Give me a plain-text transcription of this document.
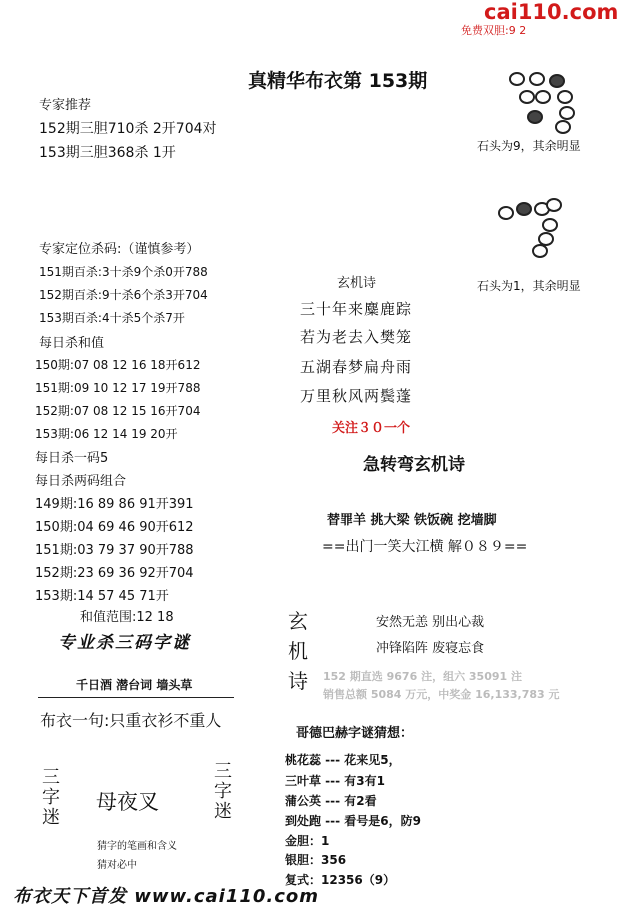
cai110.com
免费双胆:9 2
真精华布衣第 153期
专家推荐
152期三胆710杀 2开704对
153期三胆368杀 1开	石头为9，其余明显
石头为1，其余明显
专家定位杀码:（谨慎参考）
151期百杀:3十杀9个杀0开788
152期百杀:9十杀6个杀3开704
153期百杀:4十杀5个杀7开
每日杀和值
150期:07 08 12 16 18开612
151期:09 10 12 17 19开788
152期:07 08 12 15 16开704
153期:06 12 14 19 20开
每日杀一码5
每日杀两码组合
149期:16 89 86 91开391
150期:04 69 46 90开612
151期:03 79 37 90开788
152期:23 69 36 92开704
153期:14 57 45 71开
和值范围:12 18
专业杀三码字谜
千日酒 潜台词 墙头草
布衣一句:只重衣衫不重人
三字迷
三字迷
母夜叉
猜字的笔画和含义
猜对必中
玄机诗
三十年来麋鹿踪
若为老去入樊笼
五湖春梦扁舟雨
万里秋风两鬓蓬
关注３０一个
急转弯玄机诗
替罪羊 挑大梁 铁饭碗 挖墙脚
==出门一笑大江横 解０８９==
玄机诗
安然无恙 别出心裁
冲锋陷阵 废寝忘食
152 期直选 9676 注，组六 35091 注
销售总额 5084 万元，中奖金 16,133,783 元
哥德巴赫字谜猜想：
桃花蕊 --- 花来见5，
三叶草 --- 有3有1
蒲公英 --- 有2看
到处跑 --- 看号是6，防9
金胆：1
银胆：356
复式：12356（9）
布衣天下首发 www.cai110.com
